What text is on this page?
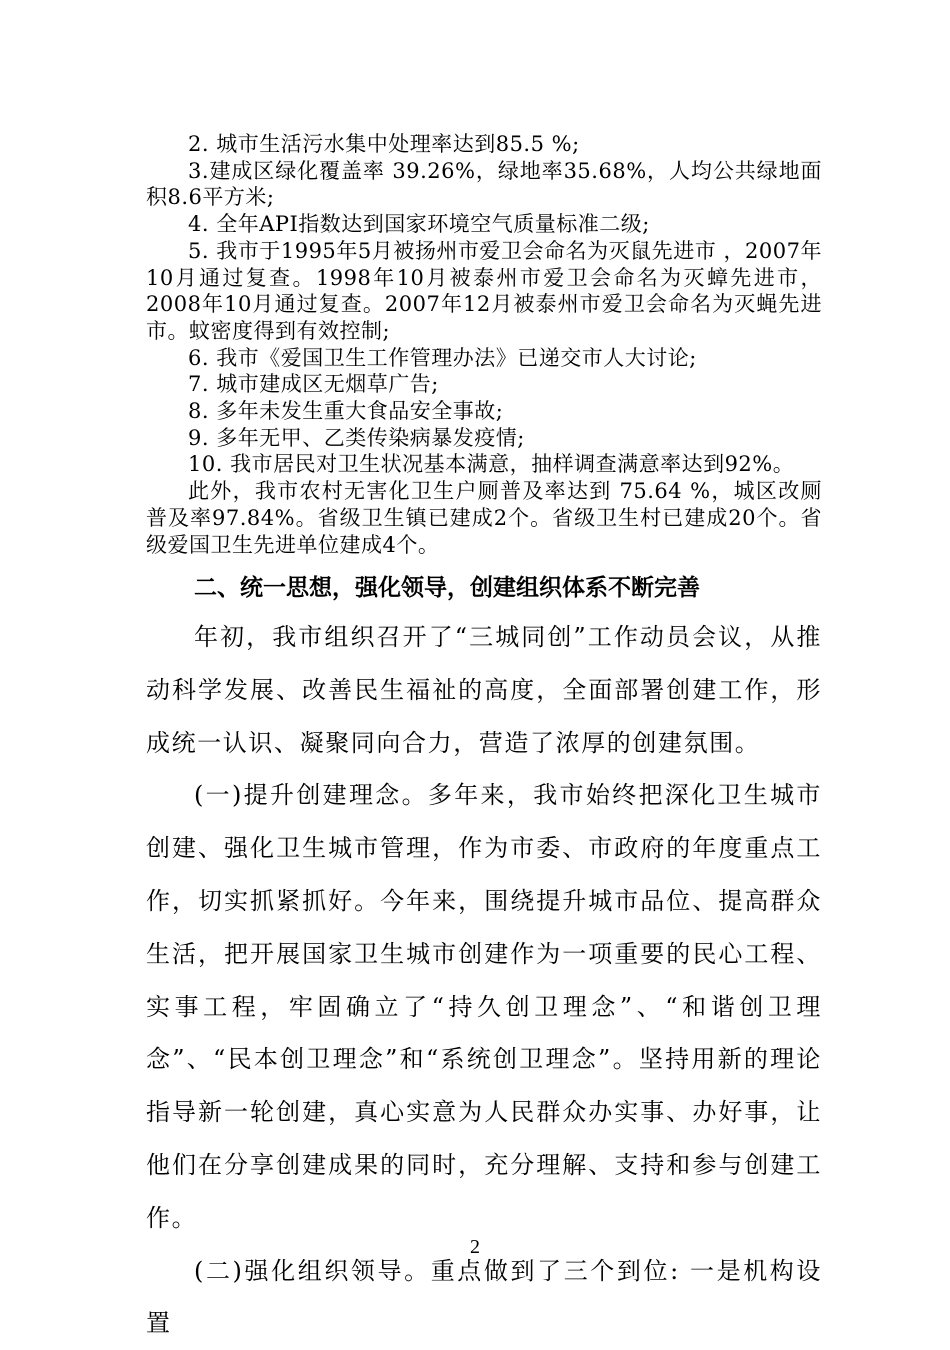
2. 城市生活污水集中处理率达到85.5 %;

3.建成区绿化覆盖率 39.26%，绿地率35.68%，人均公共绿地面积8.6平方米;

4. 全年API指数达到国家环境空气质量标准二级;

5. 我市于1995年5月被扬州市爱卫会命名为灭鼠先进市 ，2007年10月通过复查。1998年10月被泰州市爱卫会命名为灭蟑先进市，2008年10月通过复查。2007年12月被泰州市爱卫会命名为灭蝇先进市。蚊密度得到有效控制;

6. 我市《爱国卫生工作管理办法》已递交市人大讨论;

7. 城市建成区无烟草广告;

8. 多年未发生重大食品安全事故;

9. 多年无甲、乙类传染病暴发疫情;

10. 我市居民对卫生状况基本满意，抽样调查满意率达到92%。

此外，我市农村无害化卫生户厕普及率达到 75.64 %，城区改厕普及率97.84%。省级卫生镇已建成2个。省级卫生村已建成20个。省级爱国卫生先进单位建成4个。

二、统一思想，强化领导，创建组织体系不断完善

年初，我市组织召开了“三城同创”工作动员会议，从推动科学发展、改善民生福祉的高度，全面部署创建工作，形成统一认识、凝聚同向合力，营造了浓厚的创建氛围。

(一)提升创建理念。多年来，我市始终把深化卫生城市创建、强化卫生城市管理，作为市委、市政府的年度重点工作，切实抓紧抓好。今年来，围绕提升城市品位、提高群众生活，把开展国家卫生城市创建作为一项重要的民心工程、实事工程，牢固确立了“持久创卫理念”、“和谐创卫理念”、“民本创卫理念”和“系统创卫理念”。坚持用新的理论指导新一轮创建，真心实意为人民群众办实事、办好事，让他们在分享创建成果的同时，充分理解、支持和参与创建工作。

(二)强化组织领导。重点做到了三个到位: 一是机构设置

2
